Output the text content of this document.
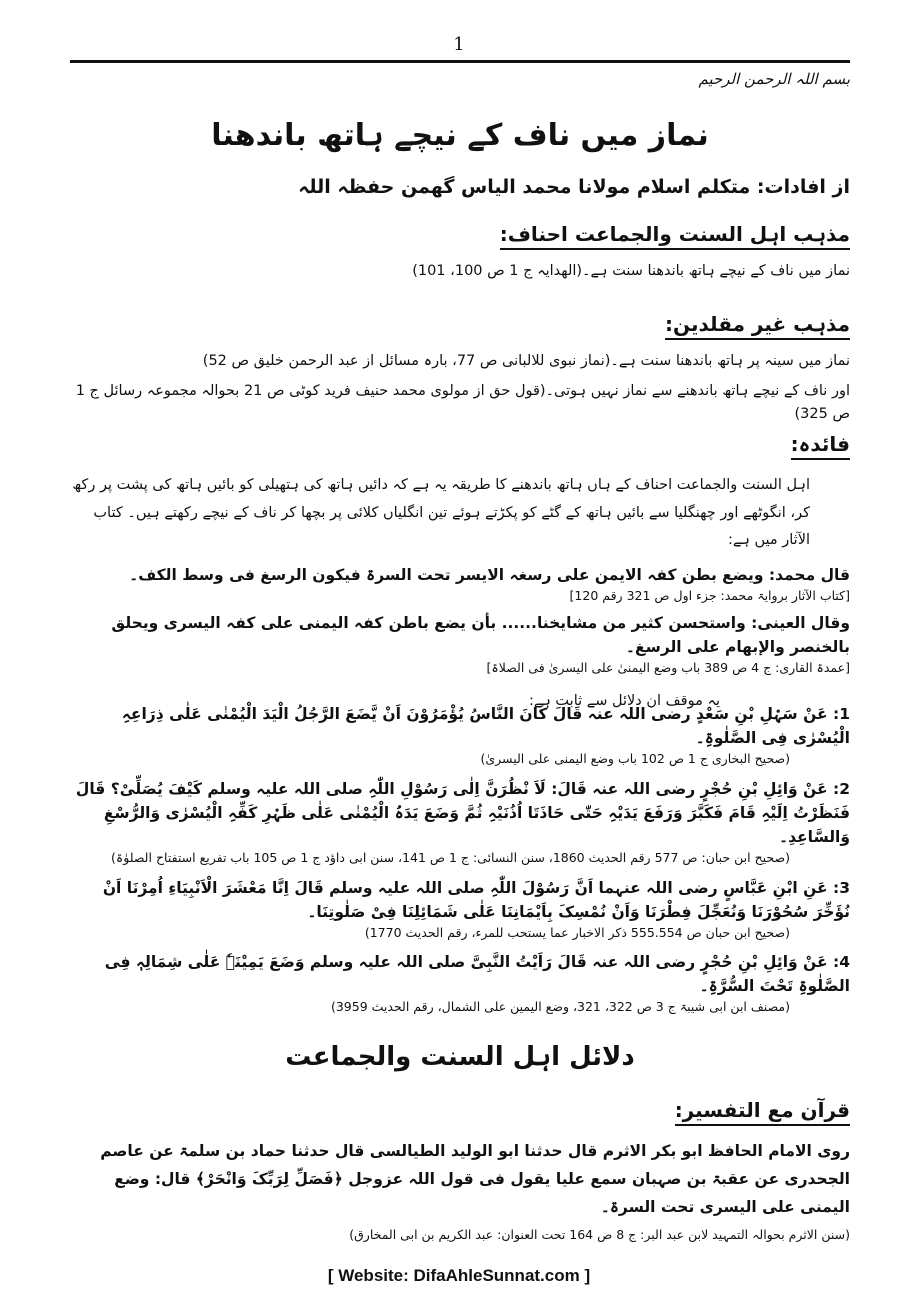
1
بسم اللہ الرحمن الرحیم
نماز میں ناف کے نیچے ہاتھ باندھنا
از افادات: متکلم اسلام مولانا محمد الیاس گھمن حفظہ اللہ
مذہب اہل السنت والجماعت احناف:
نماز میں ناف کے نیچے ہاتھ باندھنا سنت ہے۔(الھدایہ ج 1 ص 100، 101)
مذہب غیر مقلدین:
نماز میں سینہ پر ہاتھ باندھنا سنت ہے۔(نماز نبوی للالبانی ص 77، بارہ مسائل از عبد الرحمن خلیق ص 52)
اور ناف کے نیچے ہاتھ باندھنے سے نماز نہیں ہوتی۔(قول حق از مولوی محمد حنیف فرید کوٹی ص 21 بحوالہ مجموعہ رسائل ج 1 ص 325)
فائدہ:
اہل السنت والجماعت احناف کے ہاں ہاتھ باندھنے کا طریقہ یہ ہے کہ دائیں ہاتھ کی ہتھیلی کو بائیں ہاتھ کی پشت پر رکھ کر، انگوٹھے اور چھنگلیا سے بائیں ہاتھ کے گٹے کو پکڑتے ہوئے تین انگلیاں کلائی پر بچھا کر ناف کے نیچے رکھتے ہیں۔ کتاب الآثار میں ہے:
قال محمد: ویضع بطن کفہ الایمن علی رسغہ الایسر تحت السرۃ فیکون الرسغ فی وسط الکف۔
[کتاب الآثار بروایۃ محمد: جزء اول ص 321 رقم 120]
وقال العینی: واستحسن کثیر من مشایخنا...... بأن یضع باطن کفہ الیمنی علی کفہ الیسری ویحلق بالخنصر والإبھام علی الرسغ۔
[عمدۃ القاری: ج 4 ص 389 باب وضع الیمنیٰ علی الیسریٰ فی الصلاۃ]
یہ موقف ان دلائل سے ثابت ہے:
1: عَنْ سَہْلِ بْنِ سَعْدٍ رضی اللہ عنہ قَالَ کَانَ النَّاسُ یُؤْمَرُوْنَ اَنْ یَّضَعَ الرَّجُلُ الْیَدَ الْیُمْنٰی عَلٰی ذِرَاعِہِ الْیُسْرٰی فِی الصَّلٰوۃِ۔
(صحیح البخاری ج 1 ص 102 باب وضع الیمنی علی الیسریٰ)
2: عَنْ وَائِلِ بْنِ حُجْرٍ رضی اللہ عنہ قَالَ: لَاَ نْظُرَنَّ اِلٰی رَسُوْلِ اللّٰہِ صلی اللہ علیہ وسلم کَیْفَ یُصَلِّیْ؟ قَالَ فَنَظَرْتُ اِلَیْہِ قَامَ فَکَبَّرَ وَرَفَعَ یَدَیْہِ حَتّٰی حَاذَتَا اُذُنَیْہِ ثُمَّ وَضَعَ یَدَہُ الْیُمْنٰی عَلٰی ظَہْرِ کَفِّہِ الْیُسْرٰی وَالرُّسْغِ وَالسَّاعِدِ۔
(صحیح ابن حبان: ص 577 رقم الحدیث 1860، سنن النسائی: ج 1 ص 141، سنن ابی داؤد ج 1 ص 105 باب تفریع استفتاح الصلوٰۃ)
3: عَنِ ابْنِ عَبَّاسٍ رضی اللہ عنہما اَنَّ رَسُوْلَ اللّٰہِ صلی اللہ علیہ وسلم قَالَ اِنَّا مَعْشَرَ الْاَنْبِیَاءِ اُمِرْنَا اَنْ نُؤَخِّرَ سُحُوْرَنَا وَنُعَجِّلَ فِطْرَنَا وَاَنْ نُمْسِکَ بِاَیْمَانِنَا عَلٰی شَمَائِلِنَا فِیْ صَلٰوتِنَا۔
(صحیح ابن حبان ص 555.554 ذکر الاخبار عما یستحب للمرء، رقم الحدیث 1770)
4: عَنْ وَائِلِ بْنِ حُجْرٍ رضی اللہ عنہ قَالَ رَاَیْتُ النَّبِیَّ صلی اللہ علیہ وسلم وَضَعَ یَمِیْنَہٗ عَلٰی شِمَالِہٖ فِی الصَّلٰوۃِ تَحْتَ السُّرَّۃِ۔
(مصنف ابن ابی شیبۃ ج 3 ص 322، 321، وضع الیمین علی الشمال، رقم الحدیث 3959)
دلائل اہل السنت والجماعت
قرآن مع التفسیر:
روی الامام الحافظ ابو بکر الاثرم قال حدثنا ابو الولید الطیالسی قال حدثنا حماد بن سلمۃ عن عاصم الجحدری عن عقبۃ بن صہبان سمع علیا یقول فی قول اللہ عزوجل ﴿فَصَلِّ لِرَبِّکَ وَانْحَرْ﴾ قال: وضع الیمنی علی الیسری تحت السرۃ۔
(سنن الاثرم بحوالہ التمہید لابن عبد البر: ج 8 ص 164 تحت العنوان: عبد الکریم بن ابی المخارق)
[ Website: DifaAhleSunnat.com ]
